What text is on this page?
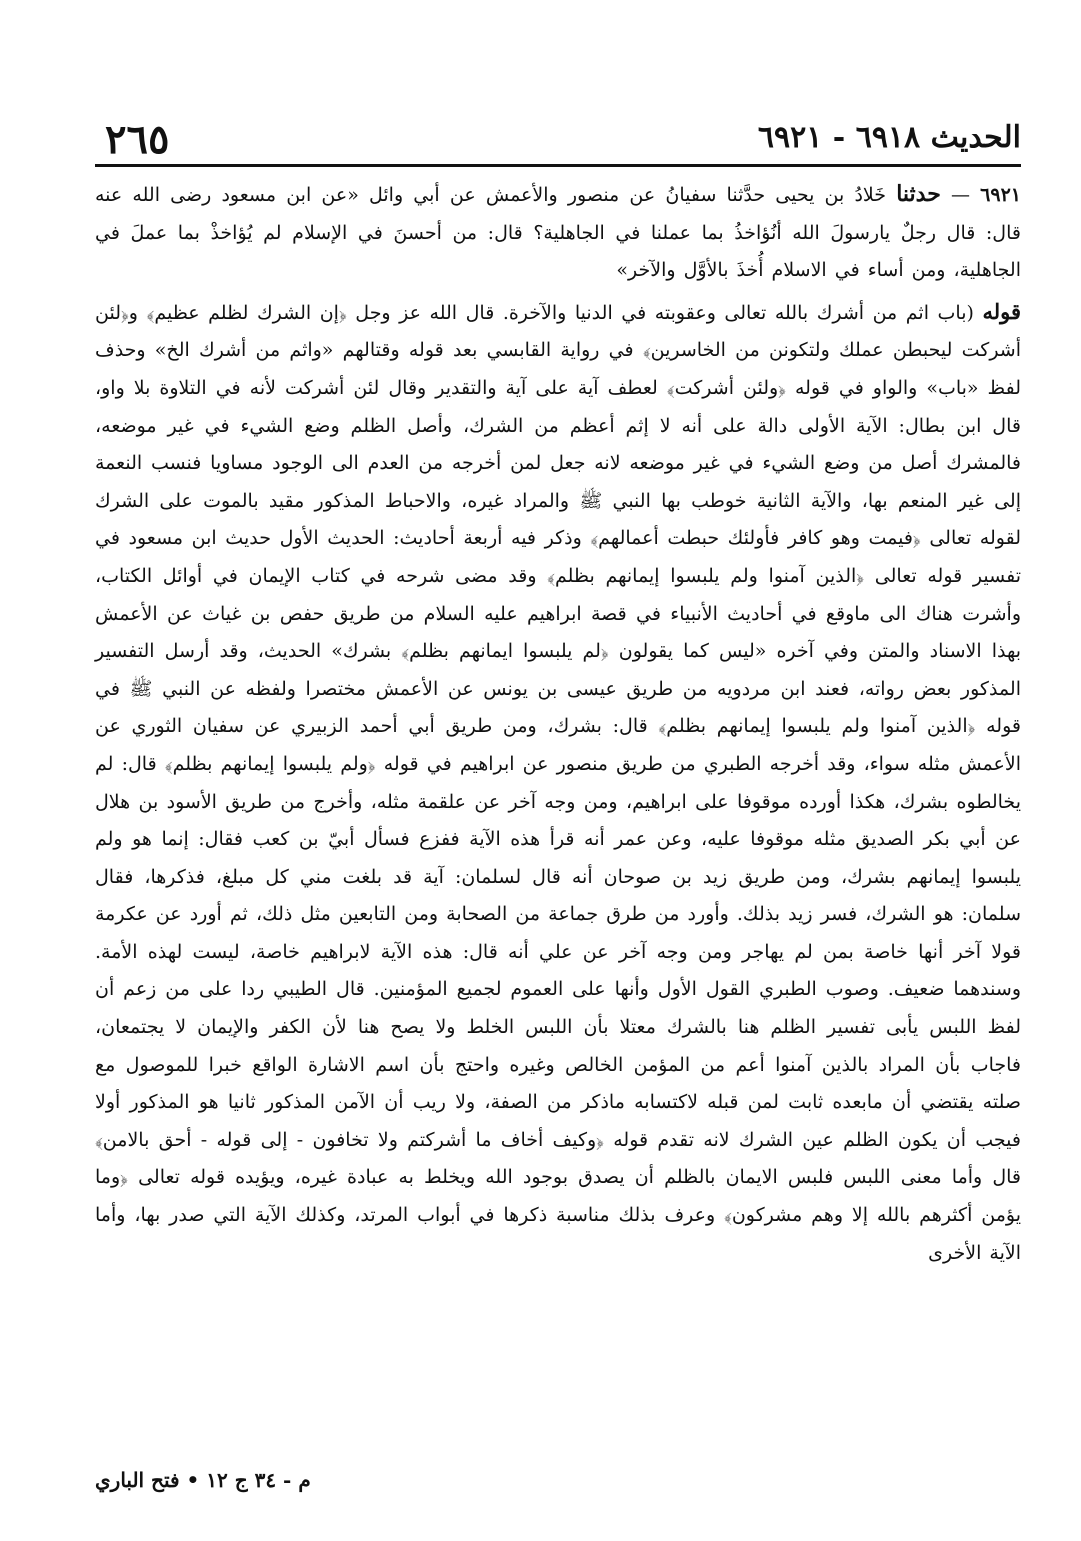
الحديث ٦٩١٨ - ٦٩٢١
٢٦٥

٦٩٢١ — حدثنا خَلادُ بن يحيى حدَّثنا سفيانُ عن منصور والأعمش عن أبي وائل «عن ابن مسعود رضى الله عنه قال: قال رجلٌ يارسولَ الله أنُؤاخذُ بما عملنا في الجاهلية؟ قال: من أحسنَ في الإسلام لم يُؤاخذْ بما عملَ في الجاهلية، ومن أساء في الاسلام أُخذَ بالأوَّل والآخر»

قوله (باب اثم من أشرك بالله تعالى وعقوبته في الدنيا والآخرة. قال الله عز وجل ﴿إن الشرك لظلم عظيم﴾ و﴿لئن أشركت ليحبطن عملك ولتكونن من الخاسرين﴾ في رواية القابسي بعد قوله وقتالهم «واثم من أشرك الخ» وحذف لفظ «باب» والواو في قوله ﴿ولئن أشركت﴾ لعطف آية على آية والتقدير وقال لئن أشركت لأنه في التلاوة بلا واو، قال ابن بطال: الآية الأولى دالة على أنه لا إثم أعظم من الشرك، وأصل الظلم وضع الشيء في غير موضعه، فالمشرك أصل من وضع الشيء في غير موضعه لانه جعل لمن أخرجه من العدم الى الوجود مساويا فنسب النعمة إلى غير المنعم بها، والآية الثانية خوطب بها النبي ﷺ والمراد غيره، والاحباط المذكور مقيد بالموت على الشرك لقوله تعالى ﴿فيمت وهو كافر فأولئك حبطت أعمالهم﴾ وذكر فيه أربعة أحاديث: الحديث الأول حديث ابن مسعود في تفسير قوله تعالى ﴿الذين آمنوا ولم يلبسوا إيمانهم بظلم﴾ وقد مضى شرحه في كتاب الإيمان في أوائل الكتاب، وأشرت هناك الى ماوقع في أحاديث الأنبياء في قصة ابراهيم عليه السلام من طريق حفص بن غياث عن الأعمش بهذا الاسناد والمتن وفي آخره «ليس كما يقولون ﴿لم يلبسوا ايمانهم بظلم﴾ بشرك» الحديث، وقد أرسل التفسير المذكور بعض رواته، فعند ابن مردويه من طريق عيسى بن يونس عن الأعمش مختصرا ولفظه عن النبي ﷺ في قوله ﴿الذين آمنوا ولم يلبسوا إيمانهم بظلم﴾ قال: بشرك، ومن طريق أبي أحمد الزبيري عن سفيان الثوري عن الأعمش مثله سواء، وقد أخرجه الطبري من طريق منصور عن ابراهيم في قوله ﴿ولم يلبسوا إيمانهم بظلم﴾ قال: لم يخالطوه بشرك، هكذا أورده موقوفا على ابراهيم، ومن وجه آخر عن علقمة مثله، وأخرج من طريق الأسود بن هلال عن أبي بكر الصديق مثله موقوفا عليه، وعن عمر أنه قرأ هذه الآية ففزع فسأل أبيّ بن كعب فقال: إنما هو ولم يلبسوا إيمانهم بشرك، ومن طريق زيد بن صوحان أنه قال لسلمان: آية قد بلغت مني كل مبلغ، فذكرها، فقال سلمان: هو الشرك، فسر زيد بذلك. وأورد من طرق جماعة من الصحابة ومن التابعين مثل ذلك، ثم أورد عن عكرمة قولا آخر أنها خاصة بمن لم يهاجر ومن وجه آخر عن علي أنه قال: هذه الآية لابراهيم خاصة، ليست لهذه الأمة. وسندهما ضعيف. وصوب الطبري القول الأول وأنها على العموم لجميع المؤمنين. قال الطيبي ردا على من زعم أن لفظ اللبس يأبى تفسير الظلم هنا بالشرك معتلا بأن اللبس الخلط ولا يصح هنا لأن الكفر والإيمان لا يجتمعان، فاجاب بأن المراد بالذين آمنوا أعم من المؤمن الخالص وغيره واحتج بأن اسم الاشارة الواقع خبرا للموصول مع صلته يقتضي أن مابعده ثابت لمن قبله لاكتسابه ماذكر من الصفة، ولا ريب أن الآمن المذكور ثانيا هو المذكور أولا فيجب أن يكون الظلم عين الشرك لانه تقدم قوله ﴿وكيف أخاف ما أشركتم ولا تخافون - إلى قوله - أحق بالامن﴾ قال وأما معنى اللبس فلبس الايمان بالظلم أن يصدق بوجود الله ويخلط به عبادة غيره، ويؤيده قوله تعالى ﴿وما يؤمن أكثرهم بالله إلا وهم مشركون﴾ وعرف بذلك مناسبة ذكرها في أبواب المرتد، وكذلك الآية التي صدر بها، وأما الآية الأخرى

م - ٣٤ ج ١٢ • فتح الباري
